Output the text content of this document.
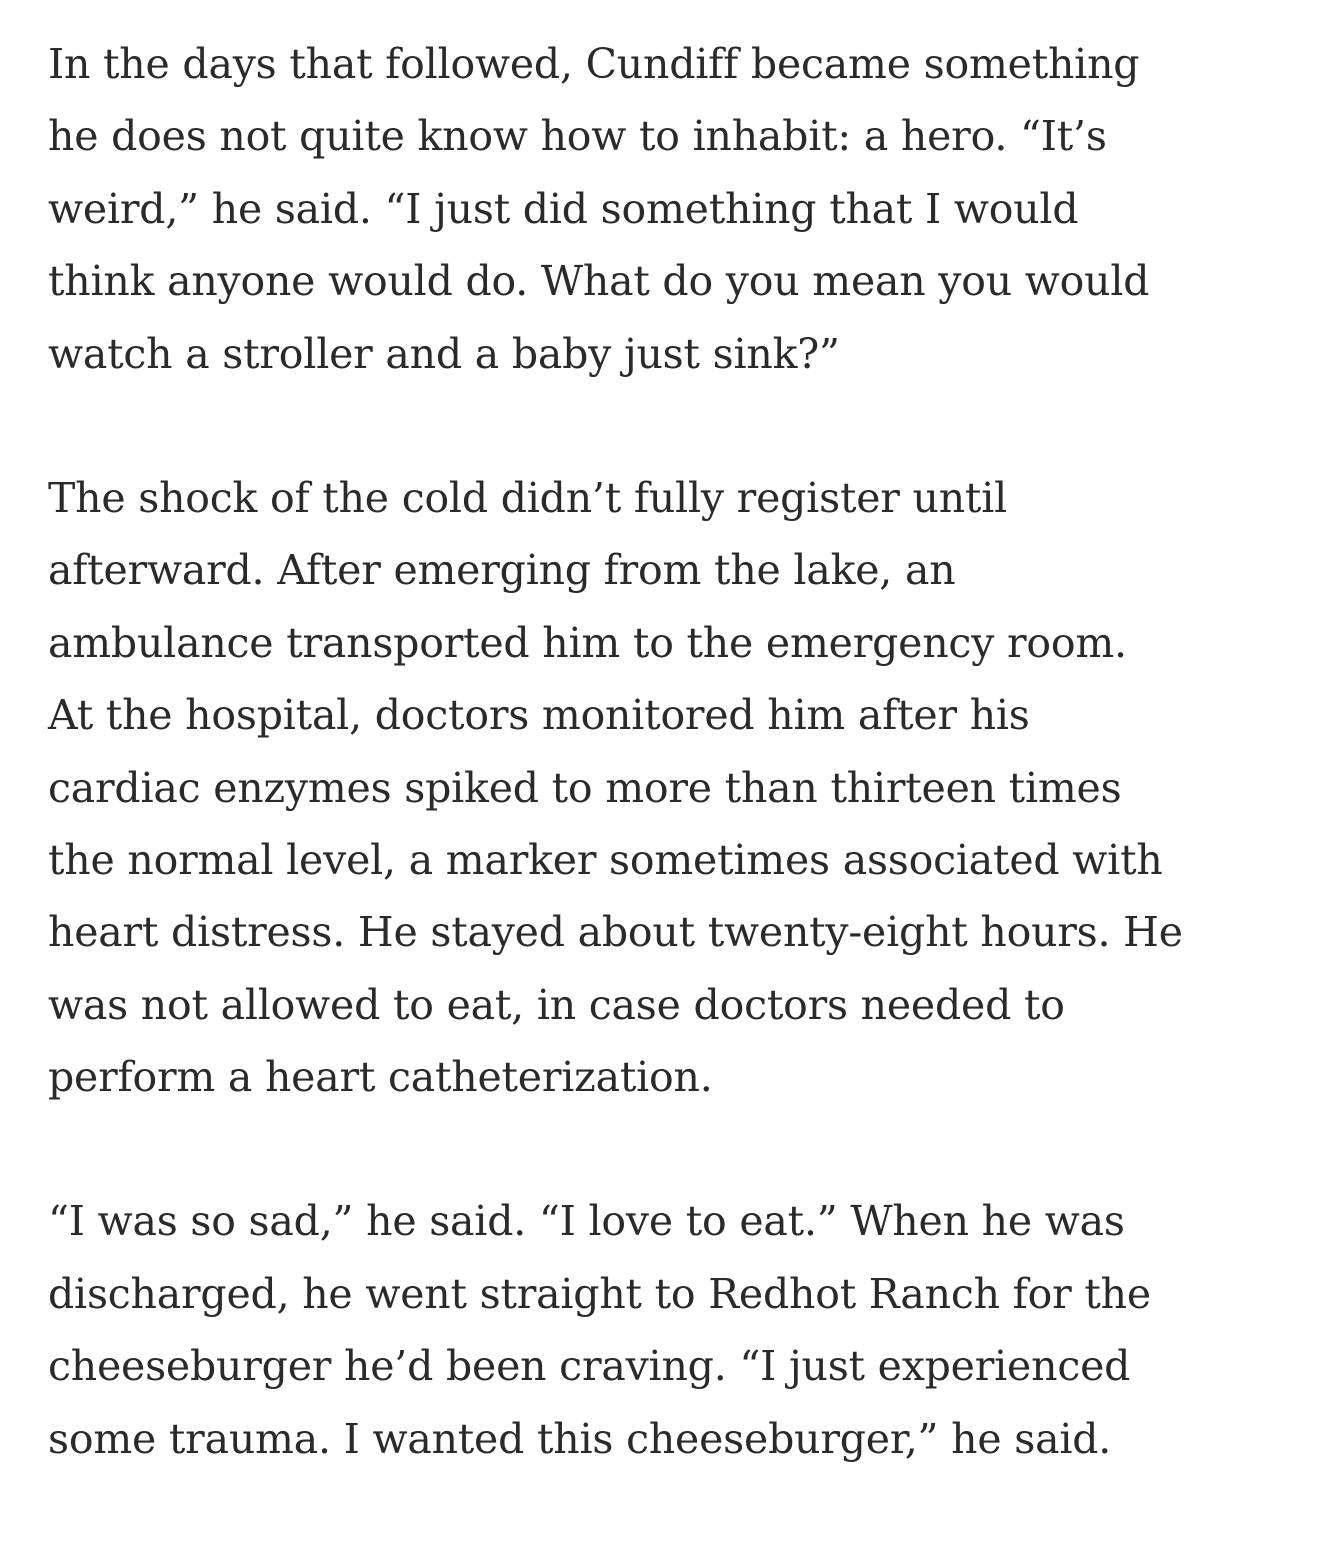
In the days that followed, Cundiff became something
he does not quite know how to inhabit: a hero. “It’s
weird,” he said. “I just did something that I would
think anyone would do. What do you mean you would
watch a stroller and a baby just sink?”

The shock of the cold didn’t fully register until
afterward. After emerging from the lake, an
ambulance transported him to the emergency room.
At the hospital, doctors monitored him after his
cardiac enzymes spiked to more than thirteen times
the normal level, a marker sometimes associated with
heart distress. He stayed about twenty-eight hours. He
was not allowed to eat, in case doctors needed to
perform a heart catheterization.

“I was so sad,” he said. “I love to eat.” When he was
discharged, he went straight to Redhot Ranch for the
cheeseburger he’d been craving. “I just experienced
some trauma. I wanted this cheeseburger,” he said.
